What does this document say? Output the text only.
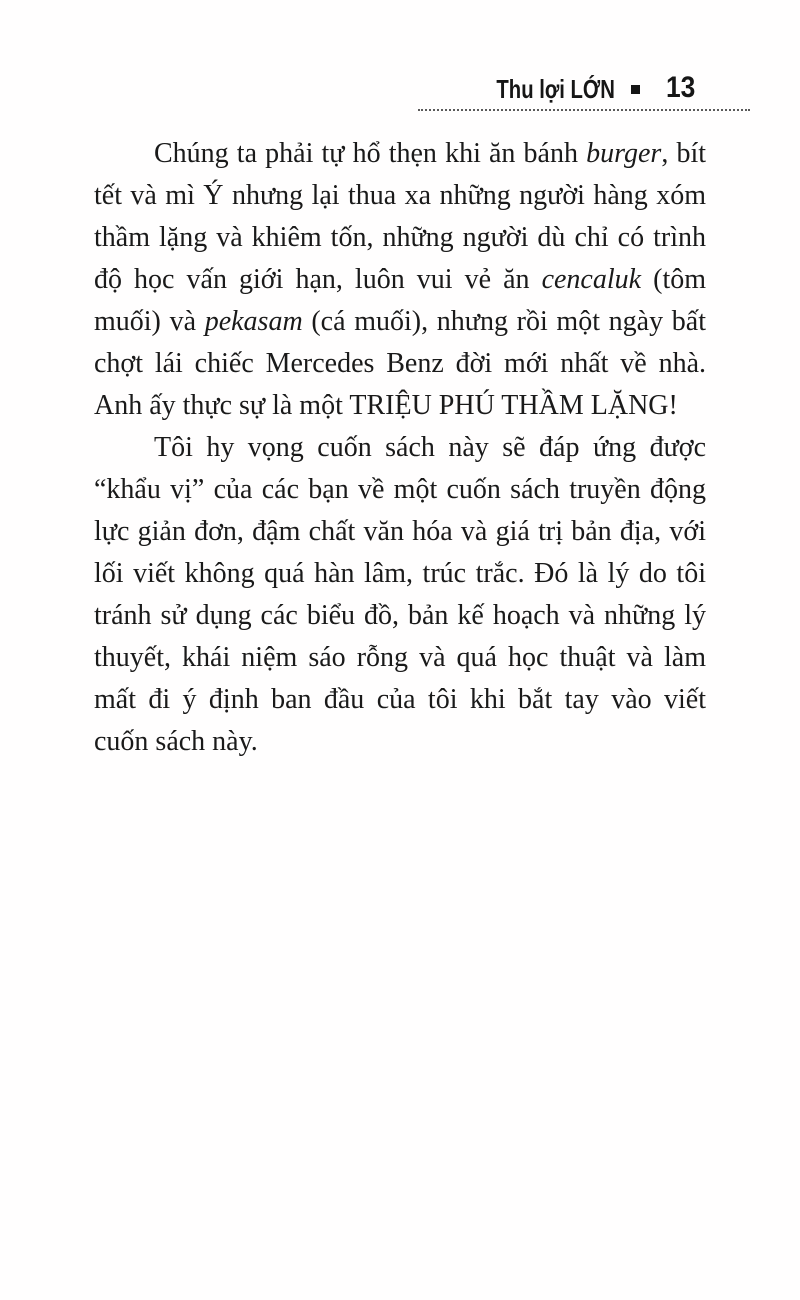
Thu lợi LỚN 13
Chúng ta phải tự hổ thẹn khi ăn bánh burger, bít
tết và mì Ý nhưng lại thua xa những người hàng xóm
thầm lặng và khiêm tốn, những người dù chỉ có trình
độ học vấn giới hạn, luôn vui vẻ ăn cencaluk (tôm
muối) và pekasam (cá muối), nhưng rồi một ngày bất
chợt lái chiếc Mercedes Benz đời mới nhất về nhà.
Anh ấy thực sự là một TRIỆU PHÚ THẦM LẶNG!
Tôi hy vọng cuốn sách này sẽ đáp ứng được
“khẩu vị” của các bạn về một cuốn sách truyền động
lực giản đơn, đậm chất văn hóa và giá trị bản địa, với
lối viết không quá hàn lâm, trúc trắc. Đó là lý do tôi
tránh sử dụng các biểu đồ, bản kế hoạch và những lý
thuyết, khái niệm sáo rỗng và quá học thuật và làm
mất đi ý định ban đầu của tôi khi bắt tay vào viết
cuốn sách này.
